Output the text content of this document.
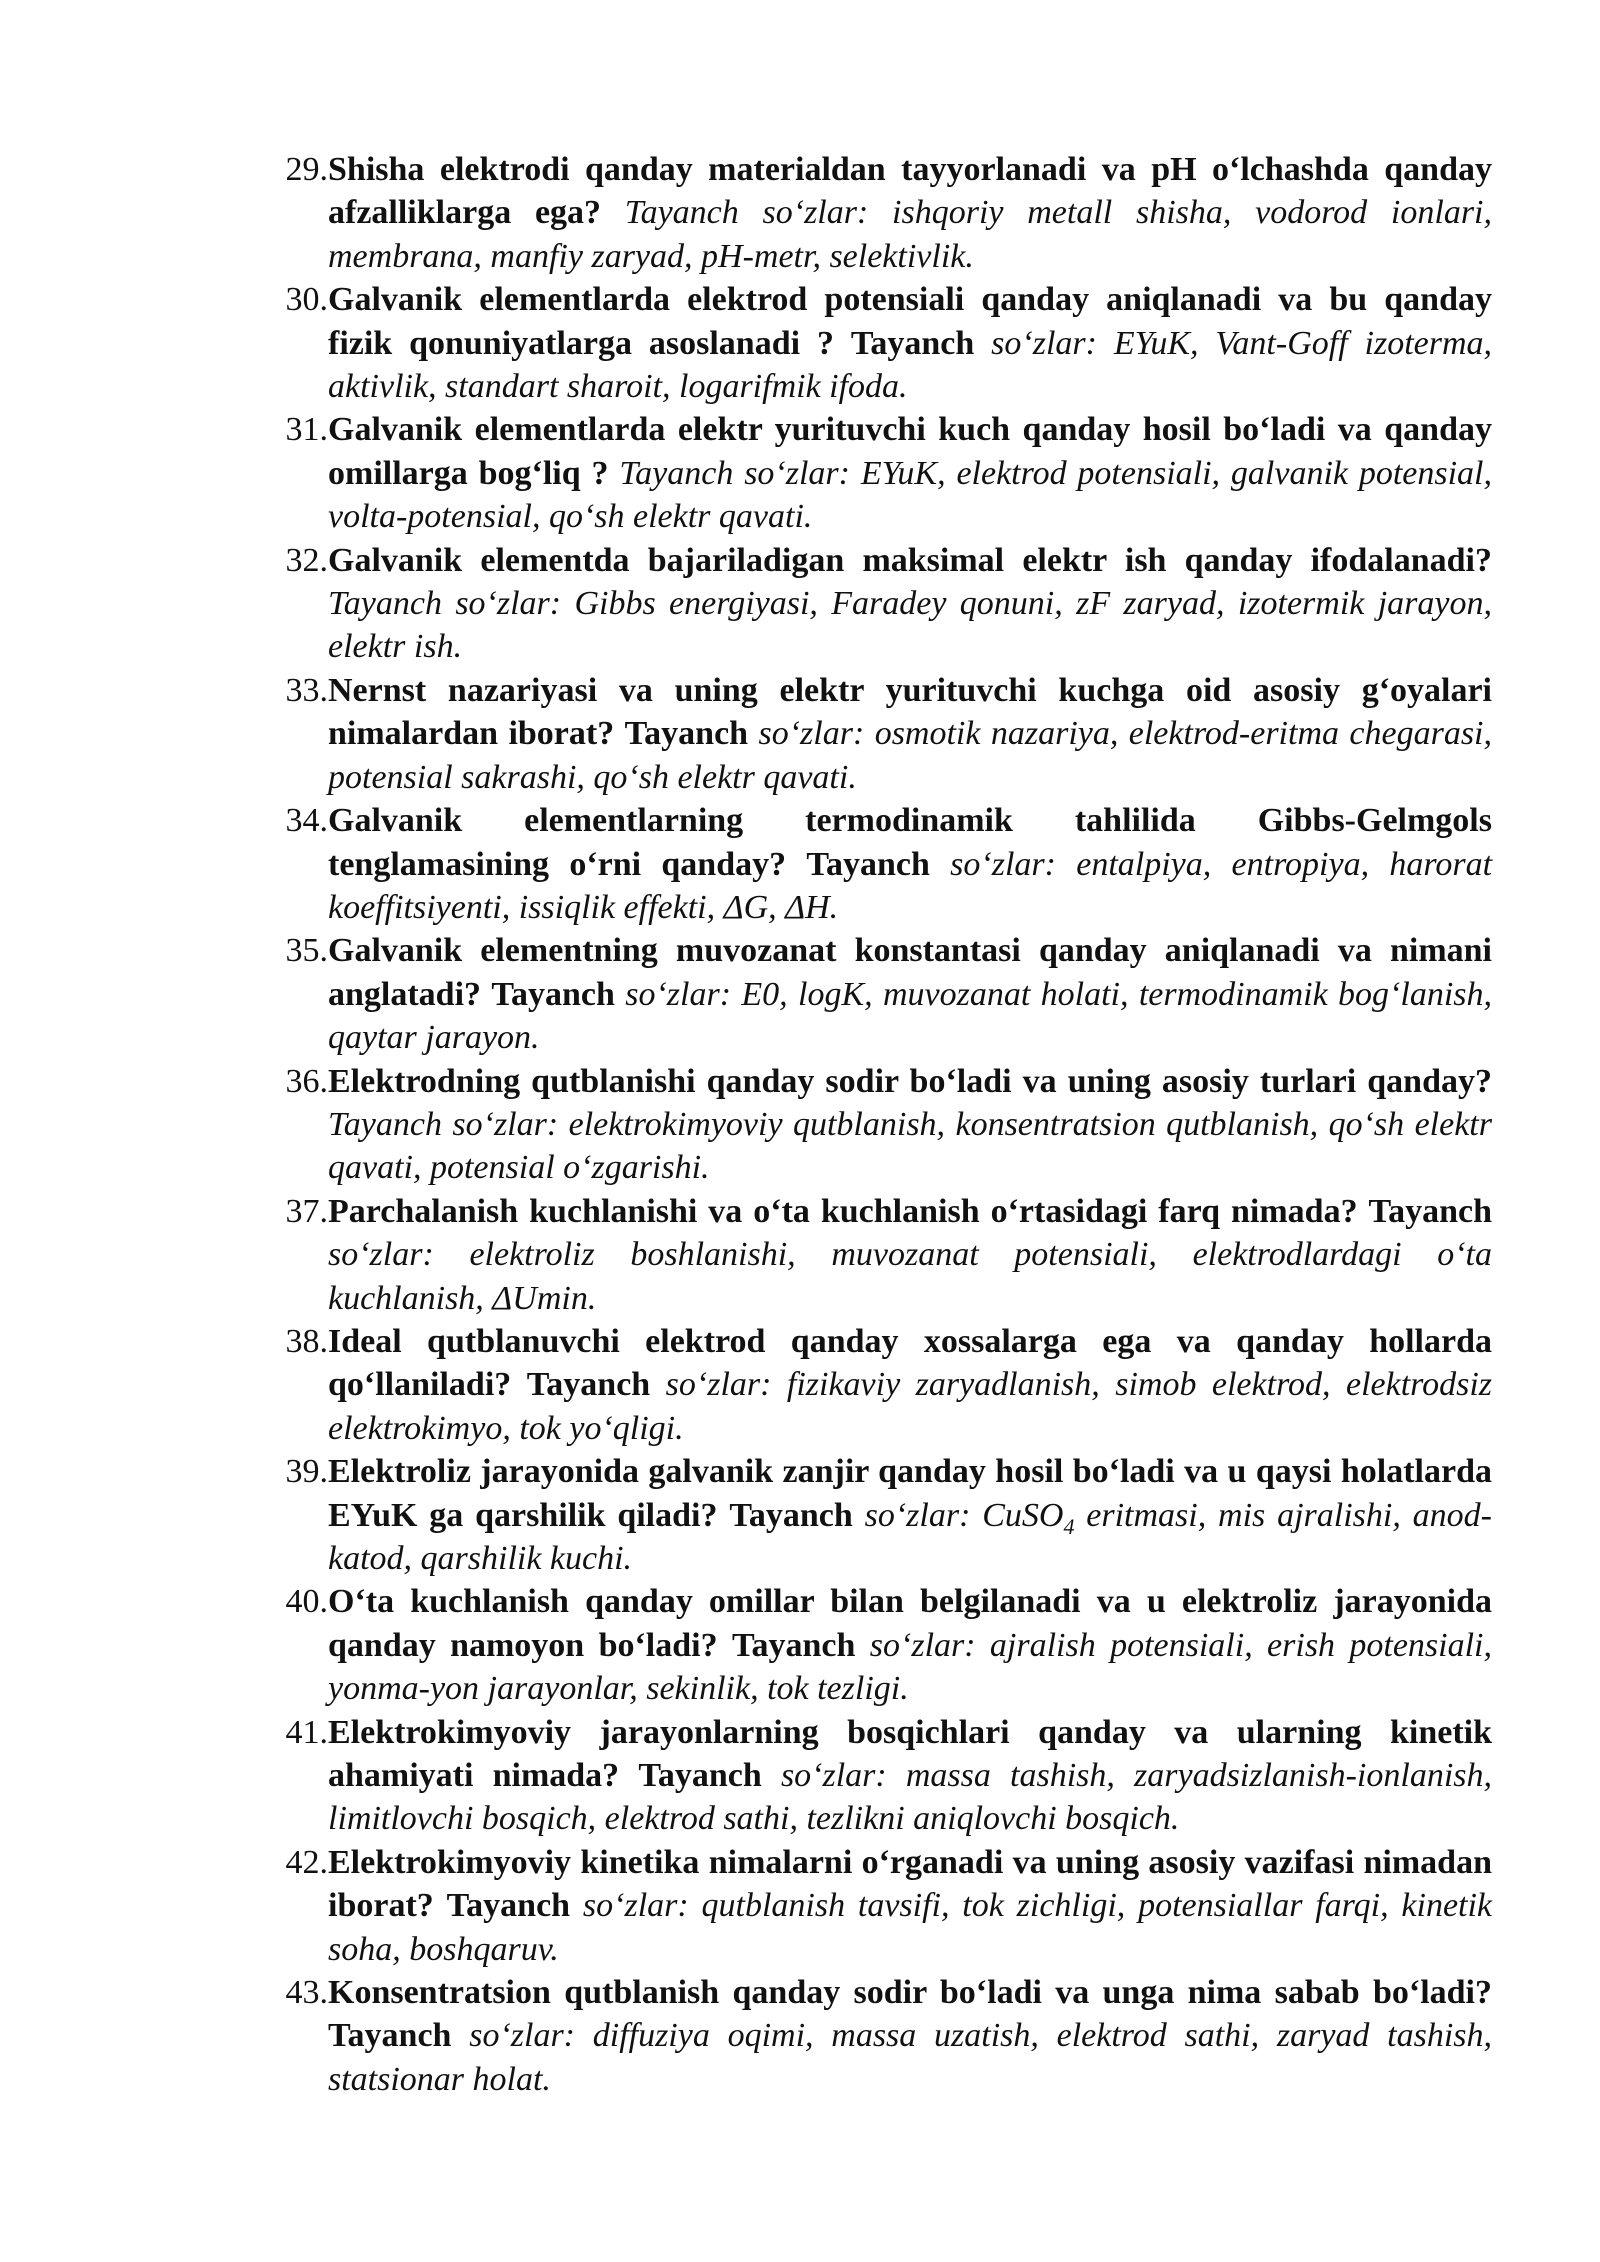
29. Shisha elektrodi qanday materialdan tayyorlanadi va pH o‘lchashda qanday afzalliklarga ega? Tayanch so‘zlar: ishqoriy metall shisha, vodorod ionlari, membrana, manfiy zaryad, pH-metr, selektivlik.
30. Galvanik elementlarda elektrod potensiali qanday aniqlanadi va bu qanday fizik qonuniyatlarga asoslanadi ? Tayanch so‘zlar: EYuK, Vant-Goff izoterma, aktivlik, standart sharoit, logarifmik ifoda.
31. Galvanik elementlarda elektr yurituvchi kuch qanday hosil bo‘ladi va qanday omillarga bog‘liq ? Tayanch so‘zlar: EYuK, elektrod potensiali, galvanik potensial, volta-potensial, qo‘sh elektr qavati.
32. Galvanik elementda bajariladigan maksimal elektr ish qanday ifodalanadi? Tayanch so‘zlar: Gibbs energiyasi, Faradey qonuni, zF zaryad, izotermik jarayon, elektr ish.
33. Nernst nazariyasi va uning elektr yurituvchi kuchga oid asosiy g‘oyalari nimalardan iborat? Tayanch so‘zlar: osmotik nazariya, elektrod-eritma chegarasi, potensial sakrashi, qo‘sh elektr qavati.
34. Galvanik elementlarning termodinamik tahlilida Gibbs-Gelmgols tenglamasining o‘rni qanday? Tayanch so‘zlar: entalpiya, entropiya, harorat koeffitsiyenti, issiqlik effekti, ΔG, ΔH.
35. Galvanik elementning muvozanat konstantasi qanday aniqlanadi va nimani anglatadi? Tayanch so‘zlar: E0, logK, muvozanat holati, termodinamik bog‘lanish, qaytar jarayon.
36. Elektrodning qutblanishi qanday sodir bo‘ladi va uning asosiy turlari qanday? Tayanch so‘zlar: elektrokimyoviy qutblanish, konsentratsion qutblanish, qo‘sh elektr qavati, potensial o‘zgarishi.
37. Parchalanish kuchlanishi va o‘ta kuchlanish o‘rtasidagi farq nimada? Tayanch so‘zlar: elektroliz boshlanishi, muvozanat potensiali, elektrodlardagi o‘ta kuchlanish, ΔUmin.
38. Ideal qutblanuvchi elektrod qanday xossalarga ega va qanday hollarda qo‘llaniladi? Tayanch so‘zlar: fizikaviy zaryadlanish, simob elektrod, elektrodsiz elektrokimyo, tok yo‘qligi.
39. Elektroliz jarayonida galvanik zanjir qanday hosil bo‘ladi va u qaysi holatlarda EYuK ga qarshilik qiladi? Tayanch so‘zlar: CuSO$_4$ eritmasi, mis ajralishi, anod-katod, qarshilik kuchi.
40. O‘ta kuchlanish qanday omillar bilan belgilanadi va u elektroliz jarayonida qanday namoyon bo‘ladi? Tayanch so‘zlar: ajralish potensiali, erish potensiali, yonma-yon jarayonlar, sekinlik, tok tezligi.
41. Elektrokimyoviy jarayonlarning bosqichlari qanday va ularning kinetik ahamiyati nimada? Tayanch so‘zlar: massa tashish, zaryadsizlanish-ionlanish, limitlovchi bosqich, elektrod sathi, tezlikni aniqlovchi bosqich.
42. Elektrokimyoviy kinetika nimalarni o‘rganadi va uning asosiy vazifasi nimadan iborat? Tayanch so‘zlar: qutblanish tavsifi, tok zichligi, potensiallar farqi, kinetik soha, boshqaruv.
43. Konsentratsion qutblanish qanday sodir bo‘ladi va unga nima sabab bo‘ladi? Tayanch so‘zlar: diffuziya oqimi, massa uzatish, elektrod sathi, zaryad tashish, statsionar holat.
